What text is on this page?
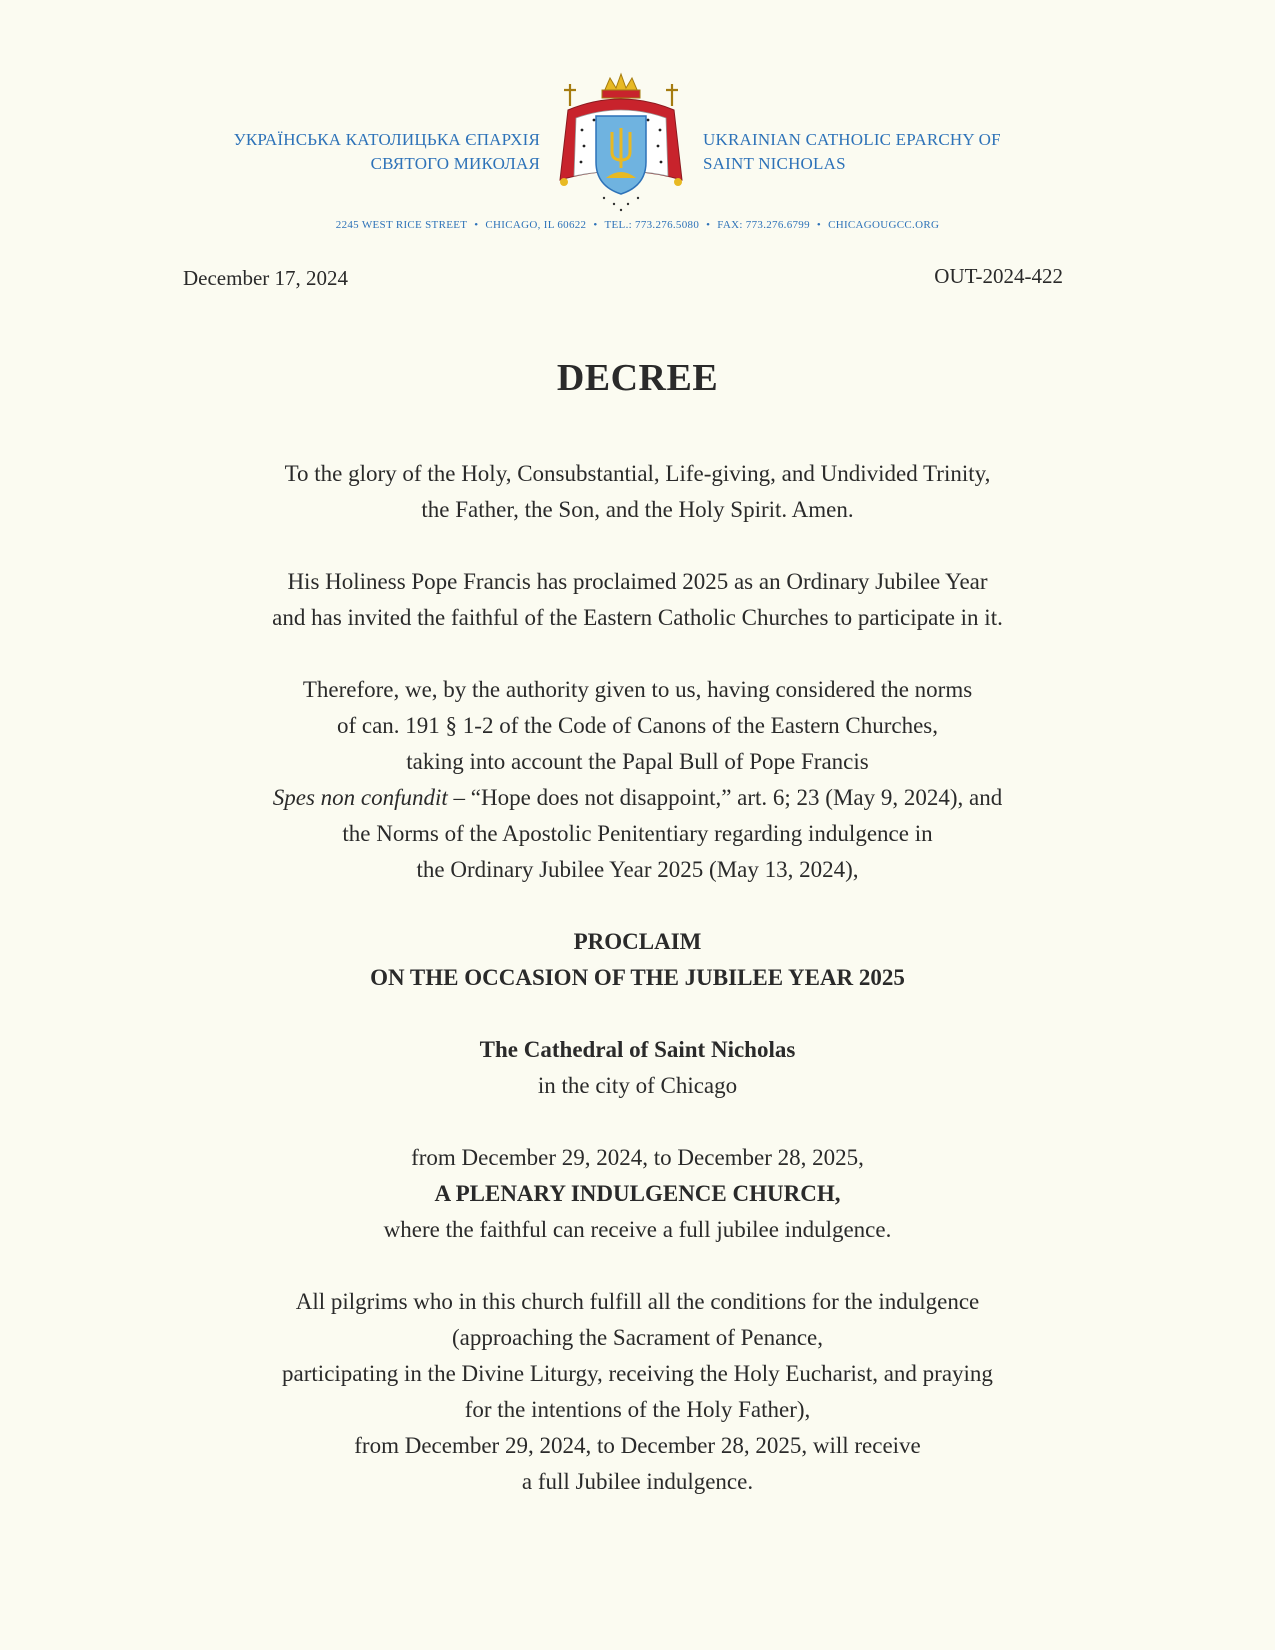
УКРАЇНСЬКА КАТОЛИЦЬКА ЄПАРХІЯ
СВЯТОГО МИКОЛАЯ
UKRAINIAN CATHOLIC EPARCHY OF
SAINT NICHOLAS
2245 WEST RICE STREET • CHICAGO, IL 60622 • TEL.: 773.276.5080 • FAX: 773.276.6799 • CHICAGOUGCC.ORG
December 17, 2024	OUT-2024-422
DECREE
To the glory of the Holy, Consubstantial, Life-giving, and Undivided Trinity,
the Father, the Son, and the Holy Spirit. Amen.
His Holiness Pope Francis has proclaimed 2025 as an Ordinary Jubilee Year
and has invited the faithful of the Eastern Catholic Churches to participate in it.
Therefore, we, by the authority given to us, having considered the norms
of can. 191 § 1-2 of the Code of Canons of the Eastern Churches,
taking into account the Papal Bull of Pope Francis
Spes non confundit – “Hope does not disappoint,” art. 6; 23 (May 9, 2024), and
the Norms of the Apostolic Penitentiary regarding indulgence in
the Ordinary Jubilee Year 2025 (May 13, 2024),
PROCLAIM
ON THE OCCASION OF THE JUBILEE YEAR 2025
The Cathedral of Saint Nicholas
in the city of Chicago
from December 29, 2024, to December 28, 2025,
A PLENARY INDULGENCE CHURCH,
where the faithful can receive a full jubilee indulgence.
All pilgrims who in this church fulfill all the conditions for the indulgence
(approaching the Sacrament of Penance,
participating in the Divine Liturgy, receiving the Holy Eucharist, and praying
for the intentions of the Holy Father),
from December 29, 2024, to December 28, 2025, will receive
a full Jubilee indulgence.
